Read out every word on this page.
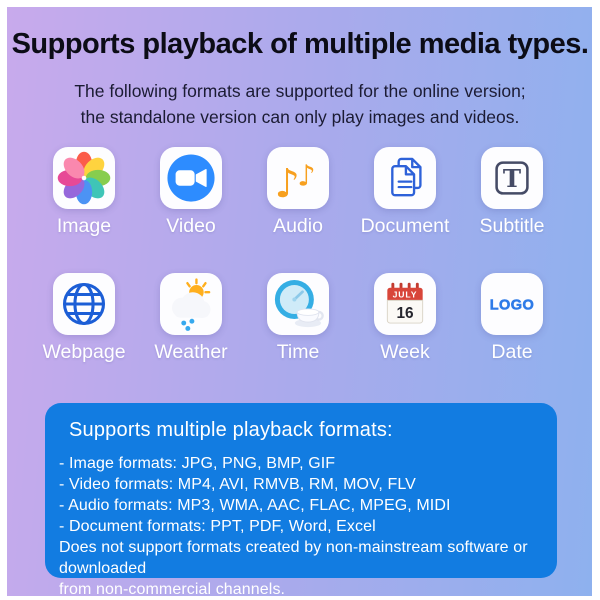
Supports playback of multiple media types.
The following formats are supported for the online version;
the standalone version can only play images and videos.
Image	Video
♪
♪
Audio Document
T
Subtitle
Webpage Weather	Time
JULY
16
Week
LOGO
Date
Supports multiple playback formats:
- Image formats: JPG, PNG, BMP, GIF
- Video formats: MP4, AVI, RMVB, RM, MOV, FLV
- Audio formats: MP3, WMA, AAC, FLAC, MPEG, MIDI
- Document formats: PPT, PDF, Word, Excel
Does not support formats created by non-mainstream software or downloaded
from non-commercial channels.
